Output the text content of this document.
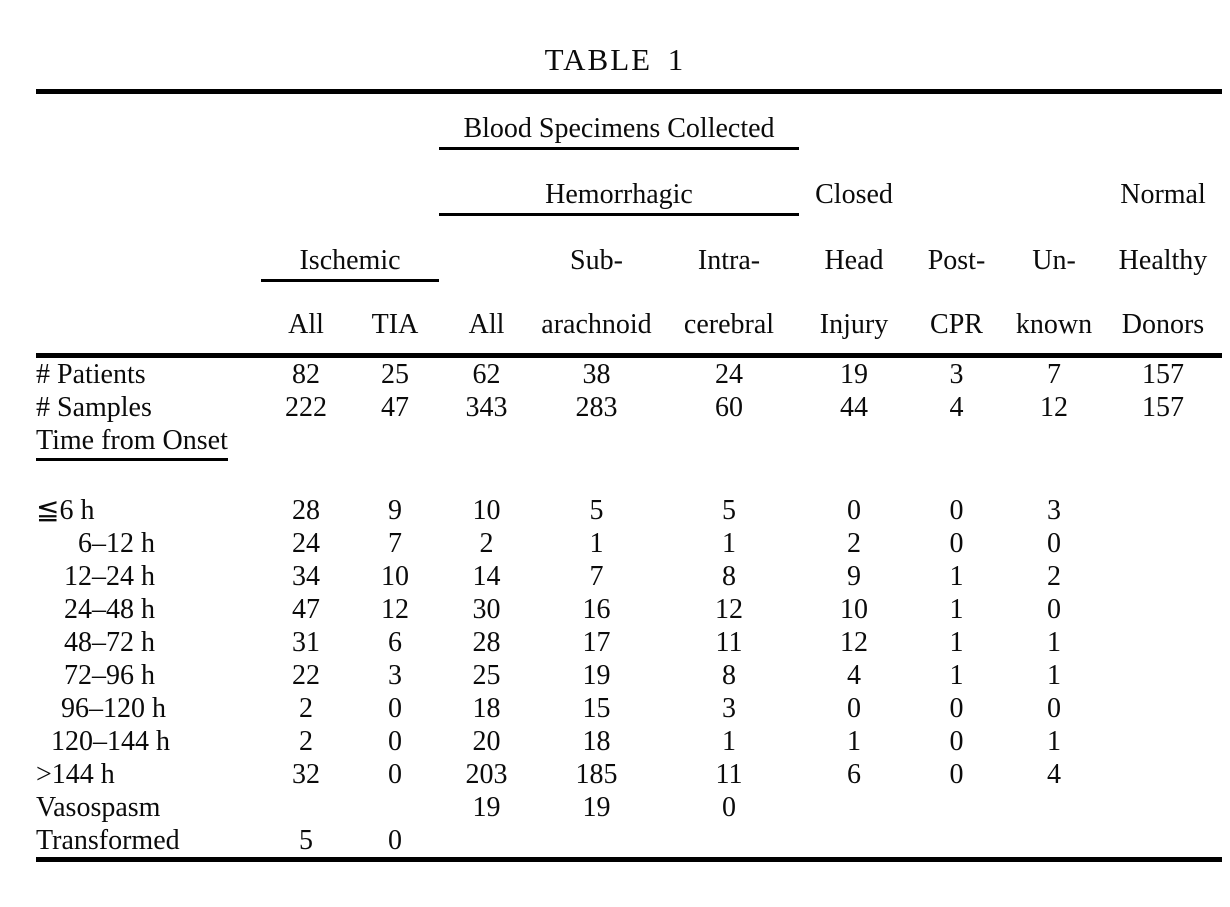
TABLE 1

			Blood Specimens Collected						

			Hemorrhagic			Closed			Normal

	Ischemic			Sub-	Intra-	Head	Post-	Un-	Healthy
	All	TIA	All	arachnoid	cerebral	Injury	CPR	known	Donors
# Patients	82	25	62	38	24	19	3	7	157
# Samples	222	47	343	283	60	44	4	12	157
Time from Onset									

≦6 h	28	9	10	5	5	0	0	3	
6–12 h	24	7	2	1	1	2	0	0	
12–24 h	34	10	14	7	8	9	1	2	
24–48 h	47	12	30	16	12	10	1	0	
48–72 h	31	6	28	17	11	12	1	1	
72–96 h	22	3	25	19	8	4	1	1	
96–120 h	2	0	18	15	3	0	0	0	
120–144 h	2	0	20	18	1	1	0	1	
>144 h	32	0	203	185	11	6	0	4	
Vasospasm			19	19	0				
Transformed	5	0							
